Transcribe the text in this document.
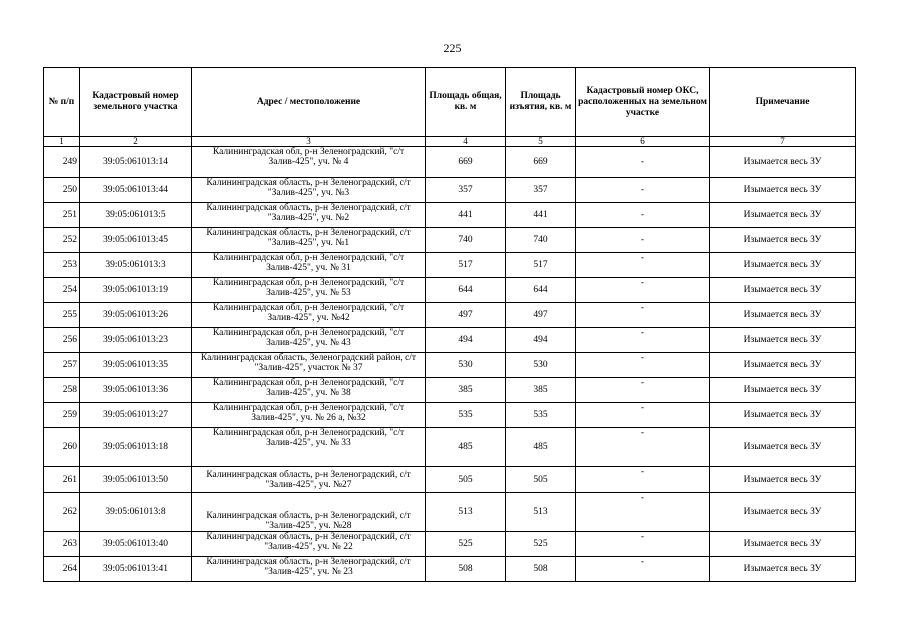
225
№ п/п	Кадастровый номер земельного участка	Адрес / местоположение	Площадь общая, кв. м	Площадь изъятия, кв. м	Кадастровый номер ОКС, расположенных на земельном участке	Примечание
1	2	3	4	5	6	7
249	39:05:061013:14	Калининградская обл, р-н Зеленоградский, "с/т Залив-425", уч. № 4	669	669	-	Изымается весь ЗУ
250	39:05:061013:44	Калининградская область, р-н Зеленоградский, с/т "Залив-425", уч. №3	357	357	-	Изымается весь ЗУ
251	39:05:061013:5	Калининградская область, р-н Зеленоградский, с/т "Залив-425", уч. №2	441	441	-	Изымается весь ЗУ
252	39:05:061013:45	Калининградская область, р-н Зеленоградский, с/т "Залив-425", уч. №1	740	740	-	Изымается весь ЗУ
253	39:05:061013:3	Калининградская обл, р-н Зеленоградский, "с/т Залив-425", уч. № 31	517	517	-	Изымается весь ЗУ
254	39:05:061013:19	Калининградская обл, р-н Зеленоградский, "с/т Залив-425", уч. № 53	644	644	-	Изымается весь ЗУ
255	39:05:061013:26	Калининградская обл, р-н Зеленоградский, "с/т Залив-425", уч. №42	497	497	-	Изымается весь ЗУ
256	39:05:061013:23	Калининградская обл, р-н Зеленоградский, "с/т Залив-425", уч. № 43	494	494	-	Изымается весь ЗУ
257	39:05:061013:35	Калининградская область, Зеленоградский район, с/т "Залив-425", участок № 37	530	530	-	Изымается весь ЗУ
258	39:05:061013:36	Калининградская обл, р-н Зеленоградский, "с/т Залив-425", уч. № 38	385	385	-	Изымается весь ЗУ
259	39:05:061013:27	Калининградская обл, р-н Зеленоградский, "с/т Залив-425", уч. № 26 а, №32	535	535	-	Изымается весь ЗУ
260	39:05:061013:18	Калининградская обл, р-н Зеленоградский, "с/т Залив-425", уч. № 33	485	485	-	Изымается весь ЗУ
261	39:05:061013:50	Калининградская область, р-н Зеленоградский, с/т "Залив-425", уч. №27	505	505	-	Изымается весь ЗУ
262	39:05:061013:8	Калининградская область, р-н Зеленоградский, с/т "Залив-425", уч. №28	513	513	-	Изымается весь ЗУ
263	39:05:061013:40	Калининградская область, р-н Зеленоградский, с/т "Залив-425", уч. № 22	525	525	-	Изымается весь ЗУ
264	39:05:061013:41	Калининградская область, р-н Зеленоградский, с/т "Залив-425", уч. № 23	508	508	-	Изымается весь ЗУ
